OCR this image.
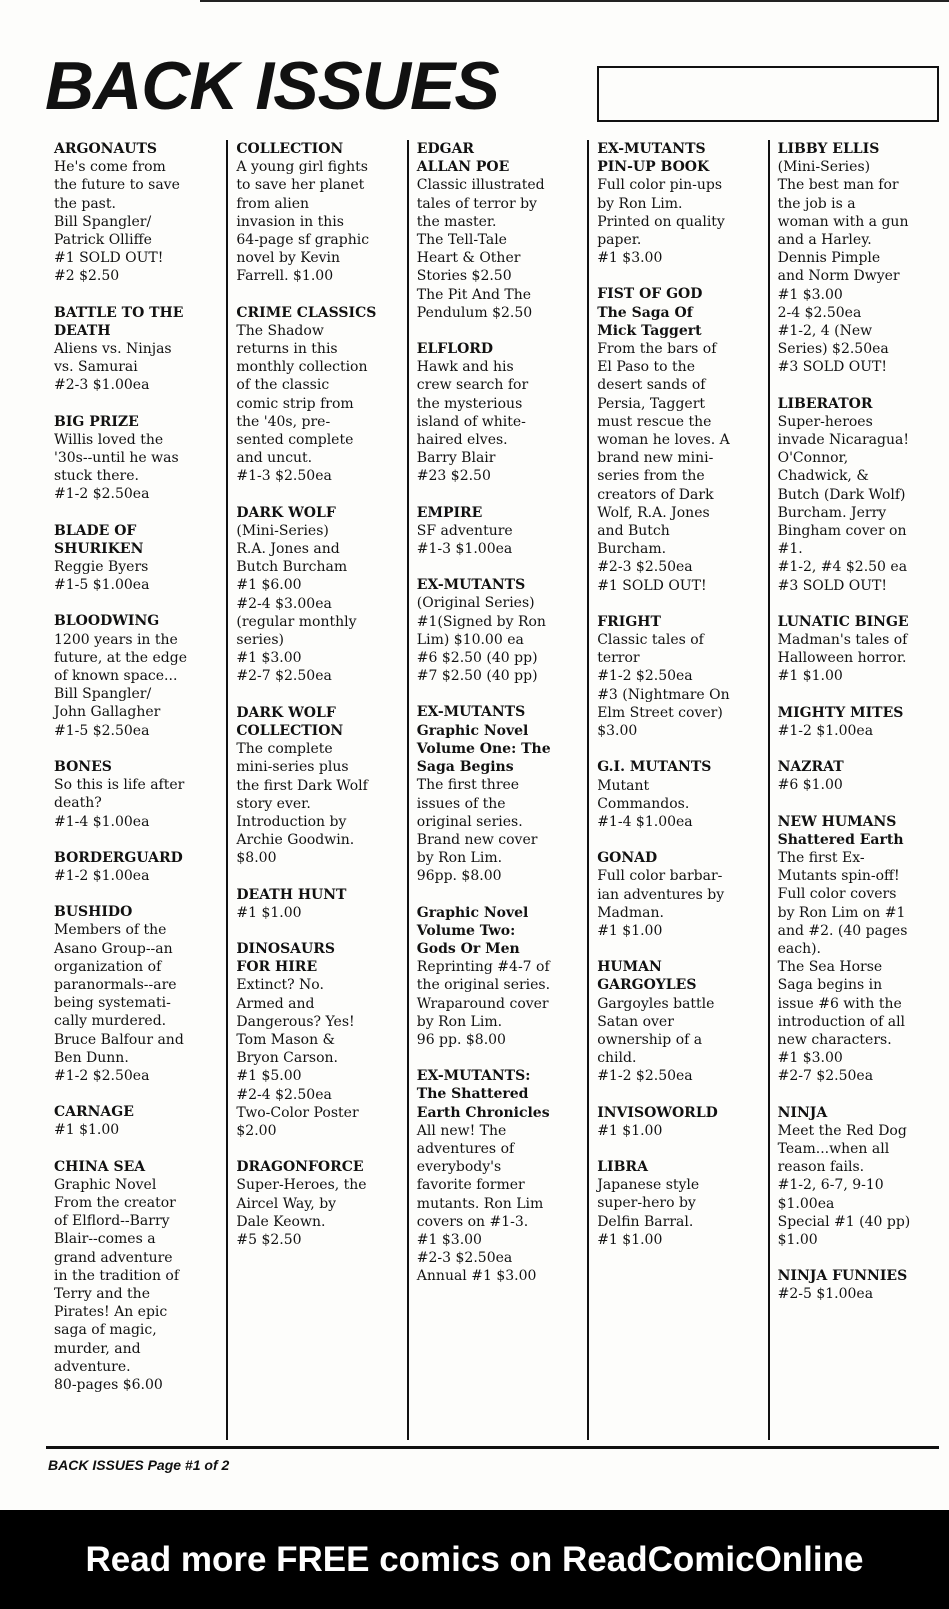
BACK ISSUES

ARGONAUTS

He's come from
the future to save
the past.
Bill Spangler/
Patrick Olliffe
#1 SOLD OUT!
#2 $2.50

BATTLE TO THE
DEATH

Aliens vs. Ninjas
vs. Samurai
#2-3 $1.00ea

BIG PRIZE

Willis loved the
'30s--until he was
stuck there.
#1-2 $2.50ea

BLADE OF
SHURIKEN

Reggie Byers
#1-5 $1.00ea

BLOODWING

1200 years in the
future, at the edge
of known space...
Bill Spangler/
John Gallagher
#1-5 $2.50ea

BONES

So this is life after
death?
#1-4 $1.00ea

BORDERGUARD

#1-2 $1.00ea

BUSHIDO

Members of the
Asano Group--an
organization of
paranormals--are
being systemati-
cally murdered.
Bruce Balfour and
Ben Dunn.
#1-2 $2.50ea

CARNAGE

#1 $1.00

CHINA SEA

Graphic Novel
From the creator
of Elflord--Barry
Blair--comes a
grand adventure
in the tradition of
Terry and the
Pirates! An epic
saga of magic,
murder, and
adventure.
80-pages $6.00

COLLECTION

A young girl fights
to save her planet
from alien
invasion in this
64-page sf graphic
novel by Kevin
Farrell. $1.00

CRIME CLASSICS

The Shadow
returns in this
monthly collection
of the classic
comic strip from
the '40s, pre-
sented complete
and uncut.
#1-3 $2.50ea

DARK WOLF

(Mini-Series)
R.A. Jones and
Butch Burcham
#1 $6.00
#2-4 $3.00ea
(regular monthly
series)
#1 $3.00
#2-7 $2.50ea

DARK WOLF
COLLECTION

The complete
mini-series plus
the first Dark Wolf
story ever.
Introduction by
Archie Goodwin.
$8.00

DEATH HUNT

#1 $1.00

DINOSAURS
FOR HIRE

Extinct? No.
Armed and
Dangerous? Yes!
Tom Mason &
Bryon Carson.
#1 $5.00
#2-4 $2.50ea
Two-Color Poster
$2.00

DRAGONFORCE

Super-Heroes, the
Aircel Way, by
Dale Keown.
#5 $2.50

EDGAR
ALLAN POE

Classic illustrated
tales of terror by
the master.
The Tell-Tale
Heart & Other
Stories $2.50
The Pit And The
Pendulum $2.50

ELFLORD

Hawk and his
crew search for
the mysterious
island of white-
haired elves.
Barry Blair
#23 $2.50

EMPIRE

SF adventure
#1-3 $1.00ea

EX-MUTANTS

(Original Series)
#1(Signed by Ron
Lim) $10.00 ea
#6 $2.50 (40 pp)
#7 $2.50 (40 pp)

EX-MUTANTS
Graphic Novel
Volume One: The
Saga Begins

The first three
issues of the
original series.
Brand new cover
by Ron Lim.
96pp. $8.00

Graphic Novel
Volume Two:
Gods Or Men

Reprinting #4-7 of
the original series.
Wraparound cover
by Ron Lim.
96 pp. $8.00

EX-MUTANTS:
The Shattered
Earth Chronicles

All new! The
adventures of
everybody's
favorite former
mutants. Ron Lim
covers on #1-3.
#1 $3.00
#2-3 $2.50ea
Annual #1 $3.00

EX-MUTANTS
PIN-UP BOOK

Full color pin-ups
by Ron Lim.
Printed on quality
paper.
#1 $3.00

FIST OF GOD
The Saga Of
Mick Taggert

From the bars of
El Paso to the
desert sands of
Persia, Taggert
must rescue the
woman he loves. A
brand new mini-
series from the
creators of Dark
Wolf, R.A. Jones
and Butch
Burcham.
#2-3 $2.50ea
#1 SOLD OUT!

FRIGHT

Classic tales of
terror
#1-2 $2.50ea
#3 (Nightmare On
Elm Street cover)
$3.00

G.I. MUTANTS

Mutant
Commandos.
#1-4 $1.00ea

GONAD

Full color barbar-
ian adventures by
Madman.
#1 $1.00

HUMAN
GARGOYLES

Gargoyles battle
Satan over
ownership of a
child.
#1-2 $2.50ea

INVISOWORLD

#1 $1.00

LIBRA

Japanese style
super-hero by
Delfin Barral.
#1 $1.00

LIBBY ELLIS

(Mini-Series)
The best man for
the job is a
woman with a gun
and a Harley.
Dennis Pimple
and Norm Dwyer
#1 $3.00
2-4 $2.50ea
#1-2, 4 (New
Series) $2.50ea
#3 SOLD OUT!

LIBERATOR

Super-heroes
invade Nicaragua!
O'Connor,
Chadwick, &
Butch (Dark Wolf)
Burcham. Jerry
Bingham cover on
#1.
#1-2, #4 $2.50 ea
#3 SOLD OUT!

LUNATIC BINGE

Madman's tales of
Halloween horror.
#1 $1.00

MIGHTY MITES

#1-2 $1.00ea

NAZRAT

#6 $1.00

NEW HUMANS
Shattered Earth

The first Ex-
Mutants spin-off!
Full color covers
by Ron Lim on #1
and #2. (40 pages
each).
The Sea Horse
Saga begins in
issue #6 with the
introduction of all
new characters.
#1 $3.00
#2-7 $2.50ea

NINJA

Meet the Red Dog
Team...when all
reason fails.
#1-2, 6-7, 9-10
$1.00ea
Special #1 (40 pp)
$1.00

NINJA FUNNIES

#2-5 $1.00ea

BACK ISSUES Page #1 of 2

Read more FREE comics on ReadComicOnline
